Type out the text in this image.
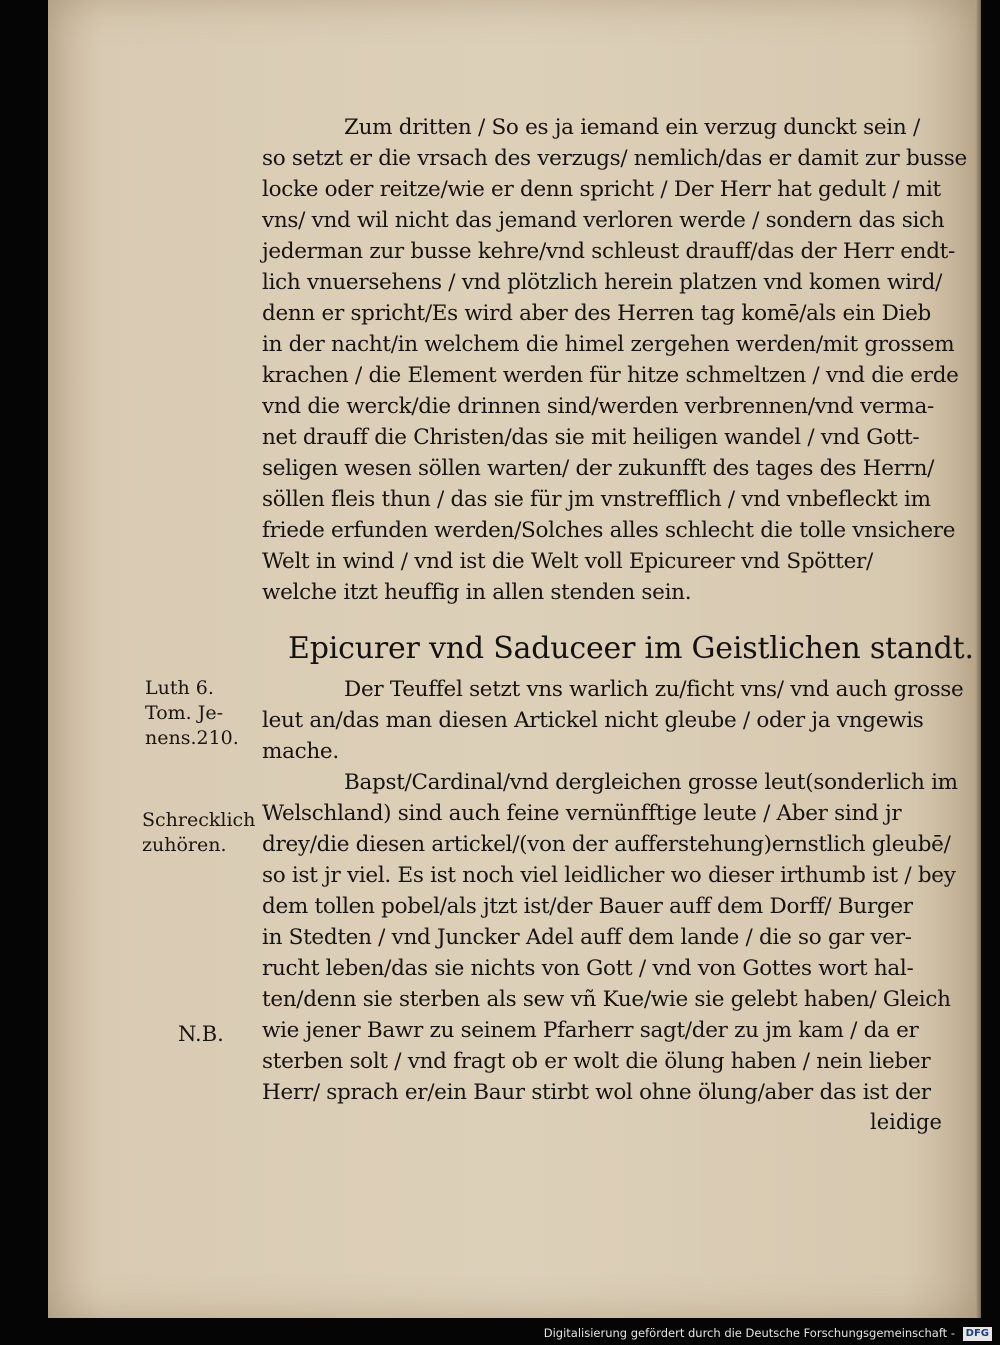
Zum dritten / So es ja iemand ein verzug dunckt sein /
so setzt er die vrsach des verzugs/ nemlich/das er damit zur busse
locke oder reitze/wie er denn spricht / Der Herr hat gedult / mit
vns/ vnd wil nicht das jemand verloren werde / sondern das sich
jederman zur busse kehre/vnd schleust drauff/das der Herr endt-
lich vnuersehens / vnd plötzlich herein platzen vnd komen wird/
denn er spricht/Es wird aber des Herren tag komē/als ein Dieb
in der nacht/in welchem die himel zergehen werden/mit grossem
krachen / die Element werden für hitze schmeltzen / vnd die erde
vnd die werck/die drinnen sind/werden verbrennen/vnd verma-
net drauff die Christen/das sie mit heiligen wandel / vnd Gott-
seligen wesen söllen warten/ der zukunfft des tages des Herrn/
söllen fleis thun / das sie für jm vnstrefflich / vnd vnbefleckt im
friede erfunden werden/Solches alles schlecht die tolle vnsichere
Welt in wind / vnd ist die Welt voll Epicureer vnd Spötter/
welche itzt heuffig in allen stenden sein.
Epicurer vnd Saduceer im Geistlichen standt.
Der Teuffel setzt vns warlich zu/ficht vns/ vnd auch grosse
leut an/das man diesen Artickel nicht gleube / oder ja vngewis
mache.
Bapst/Cardinal/vnd dergleichen grosse leut(sonderlich im
Welschland) sind auch feine vernünfftige leute / Aber sind jr
drey/die diesen artickel/(von der aufferstehung)ernstlich gleubē/
so ist jr viel. Es ist noch viel leidlicher wo dieser irthumb ist / bey
dem tollen pobel/als jtzt ist/der Bauer auff dem Dorff/ Burger
in Stedten / vnd Juncker Adel auff dem lande / die so gar ver-
rucht leben/das sie nichts von Gott / vnd von Gottes wort hal-
ten/denn sie sterben als sew vñ Kue/wie sie gelebt haben/ Gleich
wie jener Bawr zu seinem Pfarherr sagt/der zu jm kam / da er
sterben solt / vnd fragt ob er wolt die ölung haben / nein lieber
Herr/ sprach er/ein Baur stirbt wol ohne ölung/aber das ist der
Luth 6.
Tom. Je-
nens.210.
Schrecklich
zuhören.
N.B.
leidige
Digitalisierung gefördert durch die Deutsche Forschungsgemeinschaft - DFG
